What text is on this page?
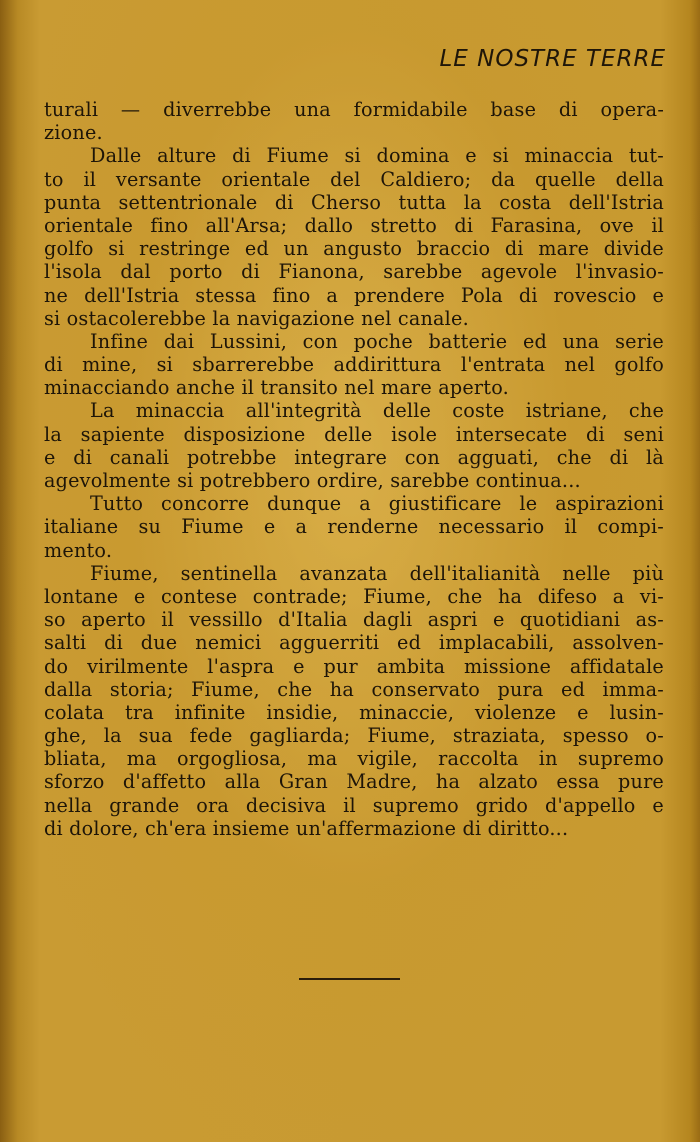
LE NOSTRE TERRE
turali — diverrebbe una formidabile base di opera-
zione.
Dalle alture di Fiume si domina e si minaccia tut-
to il versante orientale del Caldiero; da quelle della
punta settentrionale di Cherso tutta la costa dell'Istria
orientale fino all'Arsa; dallo stretto di Farasina, ove il
golfo si restringe ed un angusto braccio di mare divide
l'isola dal porto di Fianona, sarebbe agevole l'invasio-
ne dell'Istria stessa fino a prendere Pola di rovescio e
si ostacolerebbe la navigazione nel canale.
Infine dai Lussini, con poche batterie ed una serie
di mine, si sbarrerebbe addirittura l'entrata nel golfo
minacciando anche il transito nel mare aperto.
La minaccia all'integrità delle coste istriane, che
la sapiente disposizione delle isole intersecate di seni
e di canali potrebbe integrare con agguati, che di là
agevolmente si potrebbero ordire, sarebbe continua...
Tutto concorre dunque a giustificare le aspirazioni
italiane su Fiume e a renderne necessario il compi-
mento.
Fiume, sentinella avanzata dell'italianità nelle più
lontane e contese contrade; Fiume, che ha difeso a vi-
so aperto il vessillo d'Italia dagli aspri e quotidiani as-
salti di due nemici agguerriti ed implacabili, assolven-
do virilmente l'aspra e pur ambita missione affidatale
dalla storia; Fiume, che ha conservato pura ed imma-
colata tra infinite insidie, minaccie, violenze e lusin-
ghe, la sua fede gagliarda; Fiume, straziata, spesso o-
bliata, ma orgogliosa, ma vigile, raccolta in supremo
sforzo d'affetto alla Gran Madre, ha alzato essa pure
nella grande ora decisiva il supremo grido d'appello e
di dolore, ch'era insieme un'affermazione di diritto...
